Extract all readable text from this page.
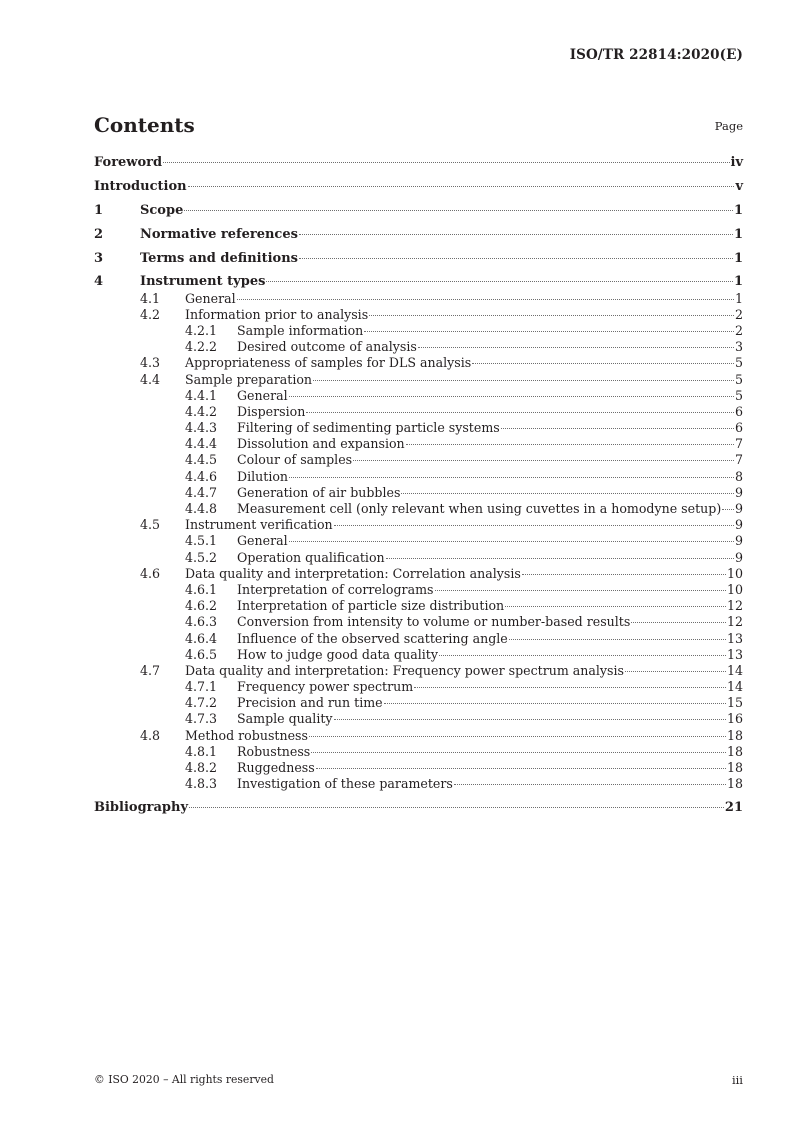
ISO/TR 22814:2020(E)
Contents	Page
Foreword	iv
Introduction	v
1	Scope	1
2	Normative references	1
3	Terms and definitions	1
4	Instrument types	1
4.1 General	1
4.2 Information prior to analysis	2
4.2.1 Sample information	2
4.2.2 Desired outcome of analysis	3
4.3 Appropriateness of samples for DLS analysis	5
4.4 Sample preparation	5
4.4.1 General	5
4.4.2 Dispersion	6
4.4.3 Filtering of sedimenting particle systems	6
4.4.4 Dissolution and expansion	7
4.4.5 Colour of samples	7
4.4.6 Dilution	8
4.4.7 Generation of air bubbles	9
4.4.8 Measurement cell (only relevant when using cuvettes in a homodyne setup) 9
4.5 Instrument verification	9
4.5.1 General	9
4.5.2 Operation qualification	9
4.6 Data quality and interpretation: Correlation analysis	10
4.6.1 Interpretation of correlograms	10
4.6.2 Interpretation of particle size distribution	12
4.6.3 Conversion from intensity to volume or number-based results	12
4.6.4 Influence of the observed scattering angle	13
4.6.5 How to judge good data quality	13
4.7 Data quality and interpretation: Frequency power spectrum analysis	14
4.7.1 Frequency power spectrum	14
4.7.2 Precision and run time	15
4.7.3 Sample quality	16
4.8 Method robustness	18
4.8.1 Robustness	18
4.8.2 Ruggedness	18
4.8.3 Investigation of these parameters	18
Bibliography	21
© ISO 2020 – All rights reserved	iii
